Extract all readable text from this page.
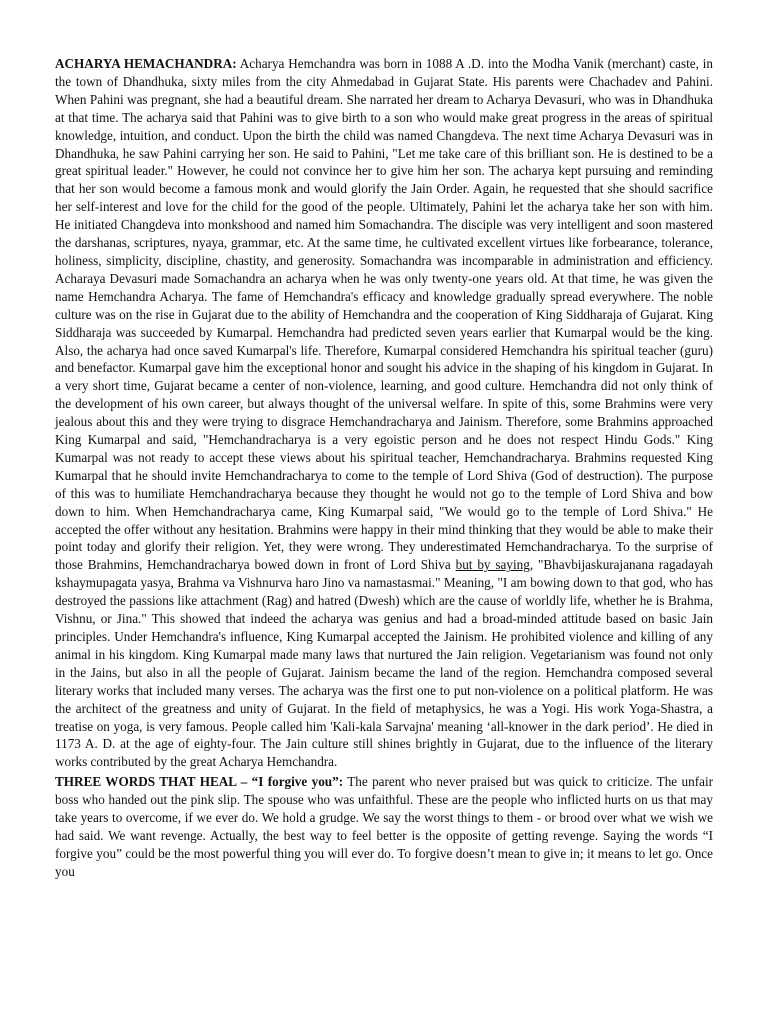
ACHARYA HEMACHANDRA: Acharya Hemchandra was born in 1088 A .D. into the Modha Vanik (merchant) caste, in the town of Dhandhuka, sixty miles from the city Ahmedabad in Gujarat State. His parents were Chachadev and Pahini. When Pahini was pregnant, she had a beautiful dream. She narrated her dream to Acharya Devasuri, who was in Dhandhuka at that time. The acharya said that Pahini was to give birth to a son who would make great progress in the areas of spiritual knowledge, intuition, and conduct. Upon the birth the child was named Changdeva. The next time Acharya Devasuri was in Dhandhuka, he saw Pahini carrying her son. He said to Pahini, "Let me take care of this brilliant son. He is destined to be a great spiritual leader." However, he could not convince her to give him her son. The acharya kept pursuing and reminding that her son would become a famous monk and would glorify the Jain Order. Again, he requested that she should sacrifice her self-interest and love for the child for the good of the people. Ultimately, Pahini let the acharya take her son with him. He initiated Changdeva into monkshood and named him Somachandra. The disciple was very intelligent and soon mastered the darshanas, scriptures, nyaya, grammar, etc. At the same time, he cultivated excellent virtues like forbearance, tolerance, holiness, simplicity, discipline, chastity, and generosity. Somachandra was incomparable in administration and efficiency. Acharaya Devasuri made Somachandra an acharya when he was only twenty-one years old. At that time, he was given the name Hemchandra Acharya. The fame of Hemchandra's efficacy and knowledge gradually spread everywhere. The noble culture was on the rise in Gujarat due to the ability of Hemchandra and the cooperation of King Siddharaja of Gujarat. King Siddharaja was succeeded by Kumarpal. Hemchandra had predicted seven years earlier that Kumarpal would be the king. Also, the acharya had once saved Kumarpal's life. Therefore, Kumarpal considered Hemchandra his spiritual teacher (guru) and benefactor. Kumarpal gave him the exceptional honor and sought his advice in the shaping of his kingdom in Gujarat. In a very short time, Gujarat became a center of non-violence, learning, and good culture. Hemchandra did not only think of the development of his own career, but always thought of the universal welfare. In spite of this, some Brahmins were very jealous about this and they were trying to disgrace Hemchandracharya and Jainism. Therefore, some Brahmins approached King Kumarpal and said, "Hemchandracharya is a very egoistic person and he does not respect Hindu Gods." King Kumarpal was not ready to accept these views about his spiritual teacher, Hemchandracharya. Brahmins requested King Kumarpal that he should invite Hemchandracharya to come to the temple of Lord Shiva (God of destruction). The purpose of this was to humiliate Hemchandracharya because they thought he would not go to the temple of Lord Shiva and bow down to him. When Hemchandracharya came, King Kumarpal said, "We would go to the temple of Lord Shiva." He accepted the offer without any hesitation. Brahmins were happy in their mind thinking that they would be able to make their point today and glorify their religion. Yet, they were wrong. They underestimated Hemchandracharya. To the surprise of those Brahmins, Hemchandracharya bowed down in front of Lord Shiva but by saying, "Bhavbijaskurajanana ragadayah kshaymupagata yasya, Brahma va Vishnurva haro Jino va namastasmai." Meaning, "I am bowing down to that god, who has destroyed the passions like attachment (Rag) and hatred (Dwesh) which are the cause of worldly life, whether he is Brahma, Vishnu, or Jina." This showed that indeed the acharya was genius and had a broad-minded attitude based on basic Jain principles. Under Hemchandra's influence, King Kumarpal accepted the Jainism. He prohibited violence and killing of any animal in his kingdom. King Kumarpal made many laws that nurtured the Jain religion. Vegetarianism was found not only in the Jains, but also in all the people of Gujarat. Jainism became the land of the region. Hemchandra composed several literary works that included many verses. The acharya was the first one to put non-violence on a political platform. He was the architect of the greatness and unity of Gujarat. In the field of metaphysics, he was a Yogi. His work Yoga-Shastra, a treatise on yoga, is very famous. People called him 'Kali-kala Sarvajna' meaning ‘all-knower in the dark period’. He died in 1173 A. D. at the age of eighty-four. The Jain culture still shines brightly in Gujarat, due to the influence of the literary works contributed by the great Acharya Hemchandra.

THREE WORDS THAT HEAL – “I forgive you”: The parent who never praised but was quick to criticize. The unfair boss who handed out the pink slip. The spouse who was unfaithful. These are the people who inflicted hurts on us that may take years to overcome, if we ever do. We hold a grudge. We say the worst things to them - or brood over what we wish we had said. We want revenge. Actually, the best way to feel better is the opposite of getting revenge. Saying the words “I forgive you” could be the most powerful thing you will ever do. To forgive doesn’t mean to give in; it means to let go. Once you
